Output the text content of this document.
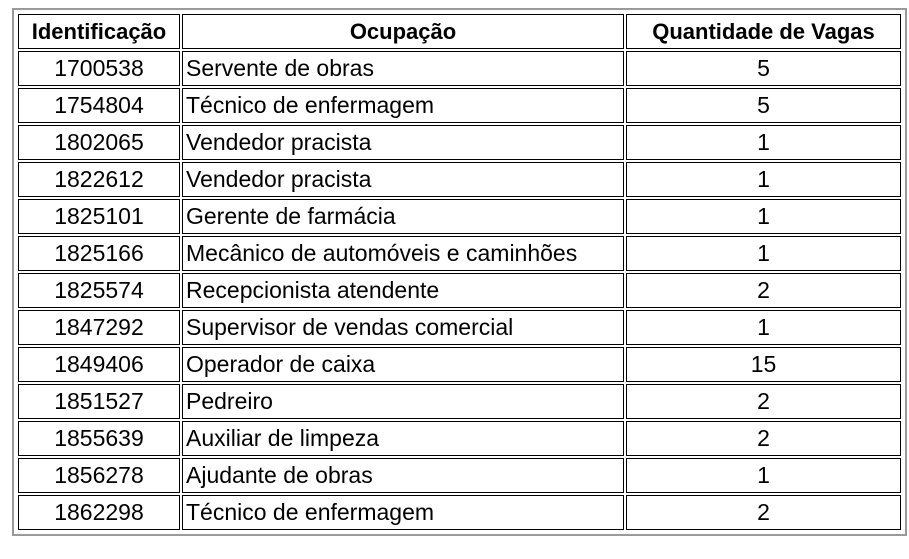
Identificação	Ocupação	Quantidade de Vagas
1700538	Servente de obras	5
1754804	Técnico de enfermagem	5
1802065	Vendedor pracista	1
1822612	Vendedor pracista	1
1825101	Gerente de farmácia	1
1825166	Mecânico de automóveis e caminhões	1
1825574	Recepcionista atendente	2
1847292	Supervisor de vendas comercial	1
1849406	Operador de caixa	15
1851527	Pedreiro	2
1855639	Auxiliar de limpeza	2
1856278	Ajudante de obras	1
1862298	Técnico de enfermagem	2
